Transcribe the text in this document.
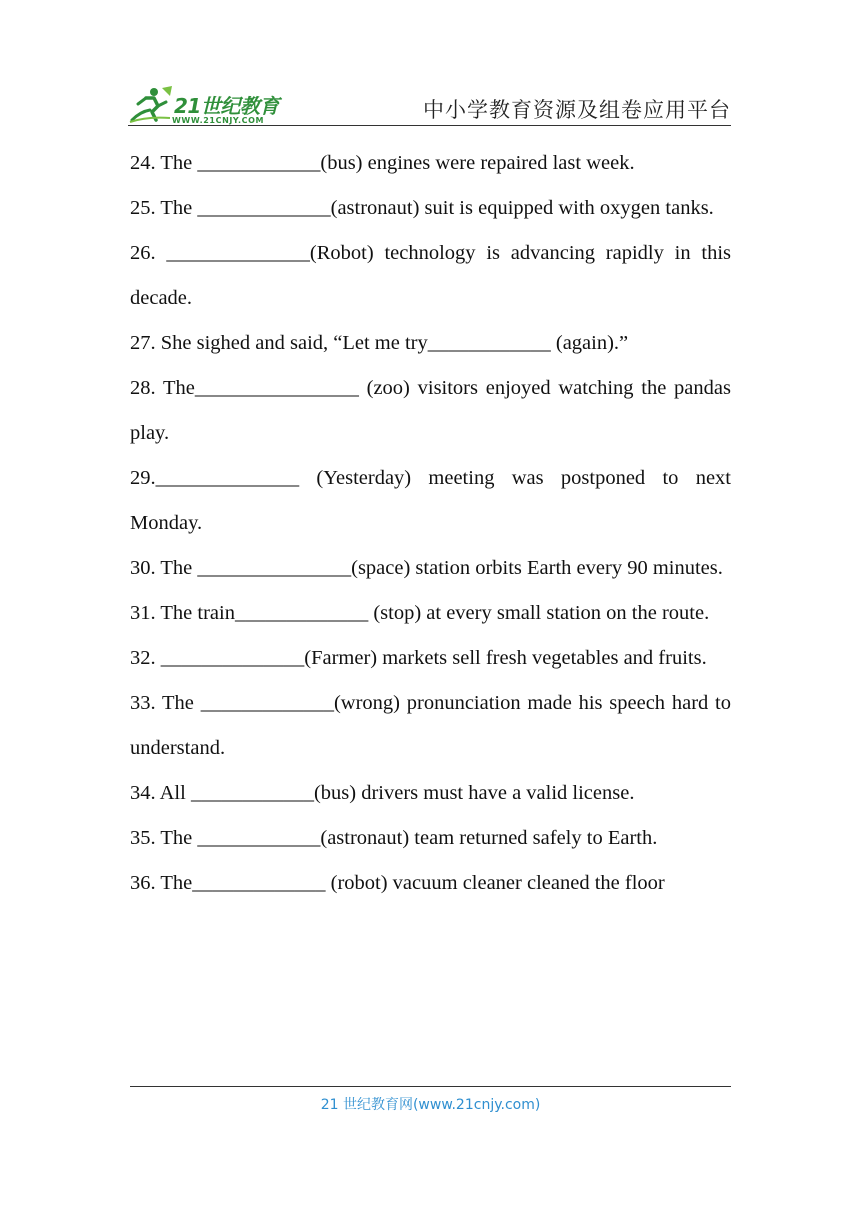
21世纪教育
WWW.21CNJY.COM	中小学教育资源及组卷应用平台

24. The ____________(bus) engines were repaired last week.

25. The _____________(astronaut) suit is equipped with oxygen tanks.

26. ______________(Robot) technology is advancing rapidly in this decade.

27. She sighed and said, “Let me try____________ (again).”

28. The________________ (zoo) visitors enjoyed watching the pandas play.

29.______________ (Yesterday) meeting was postponed to next Monday.

30. The _______________(space) station orbits Earth every 90 minutes.

31. The train_____________ (stop) at every small station on the route.

32. ______________(Farmer) markets sell fresh vegetables and fruits.

33. The _____________(wrong) pronunciation made his speech hard to understand.

34. All ____________(bus) drivers must have a valid license.

35. The ____________(astronaut) team returned safely to Earth.

36. The_____________ (robot) vacuum cleaner cleaned the floor

21 世纪教育网(www.21cnjy.com)
